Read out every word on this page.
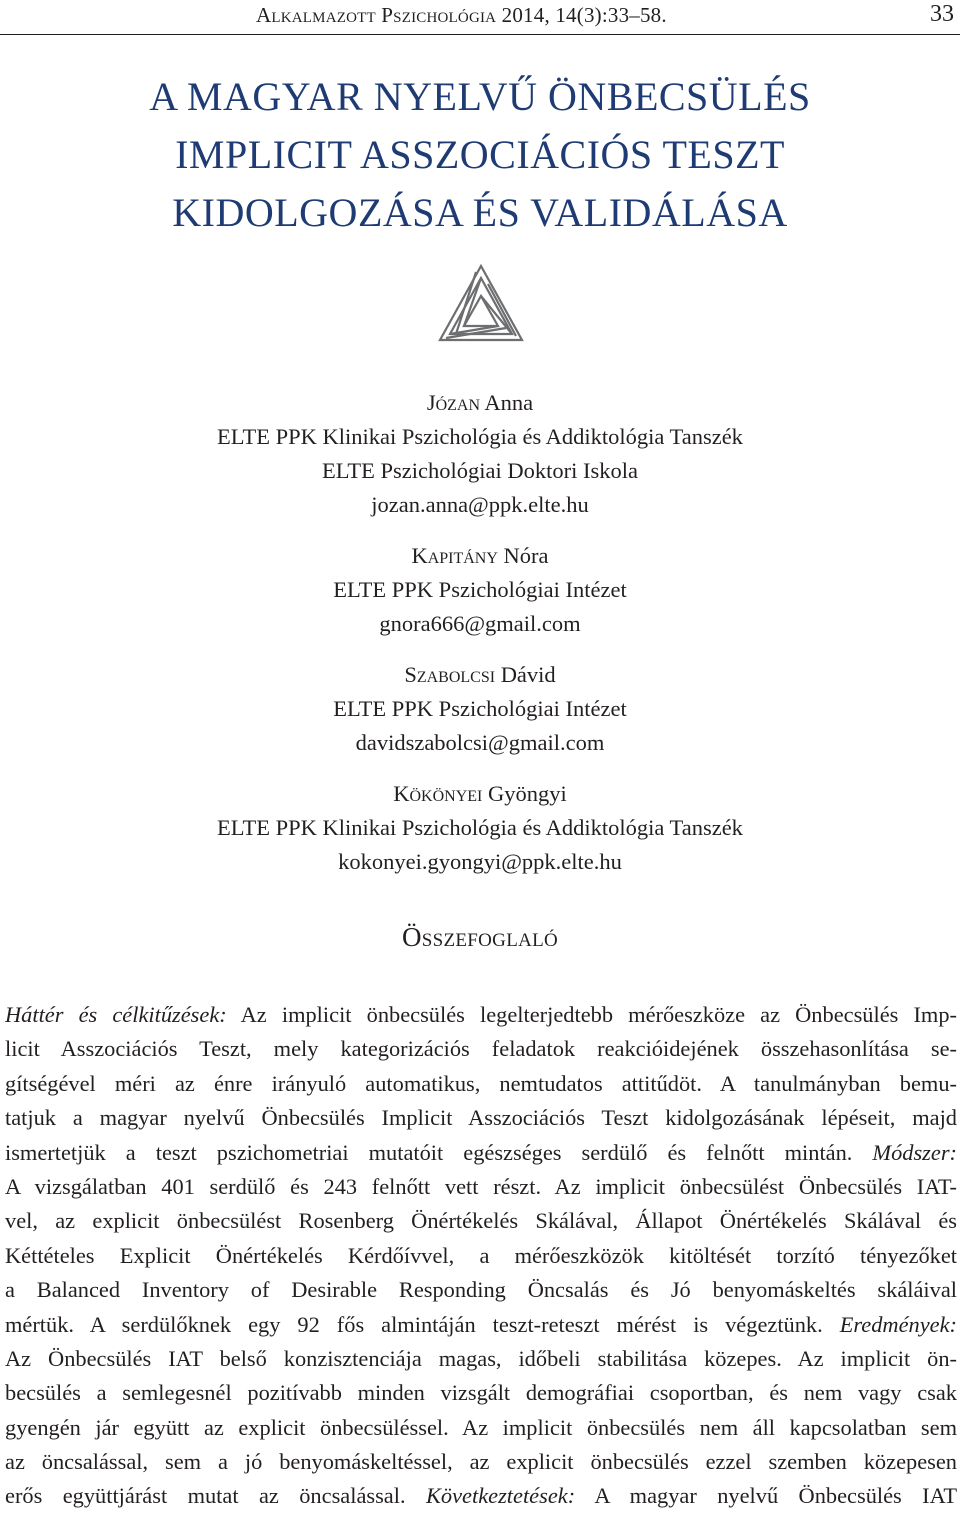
Alkalmazott Pszichológia 2014, 14(3):33–58.	33
A MAGYAR NYELVŰ ÖNBECSÜLÉS
IMPLICIT ASSZOCIÁCIÓS TESZT
KIDOLGOZÁSA ÉS VALIDÁLÁSA
Józan Anna
ELTE PPK Klinikai Pszichológia és Addiktológia Tanszék
ELTE Pszichológiai Doktori Iskola
jozan.anna@ppk.elte.hu
Kapitány Nóra
ELTE PPK Pszichológiai Intézet
gnora666@gmail.com
Szabolcsi Dávid
ELTE PPK Pszichológiai Intézet
davidszabolcsi@gmail.com
Kökönyei Gyöngyi
ELTE PPK Klinikai Pszichológia és Addiktológia Tanszék
kokonyei.gyongyi@ppk.elte.hu
Összefoglaló
Háttér és célkitűzések: Az implicit önbecsülés legelterjedtebb mérőeszköze az Önbecsülés Imp-
licit Asszociációs Teszt, mely kategorizációs feladatok reakcióidejének összehasonlítása se-
gítségével méri az énre irányuló automatikus, nemtudatos attitűdöt. A tanulmányban bemu-
tatjuk a magyar nyelvű Önbecsülés Implicit Asszociációs Teszt kidolgozásának lépéseit, majd
ismertetjük a teszt pszichometriai mutatóit egészséges serdülő és felnőtt mintán. Módszer:
A vizsgálatban 401 serdülő és 243 felnőtt vett részt. Az implicit önbecsülést Önbecsülés IAT-
vel, az explicit önbecsülést Rosenberg Önértékelés Skálával, Állapot Önértékelés Skálával és
Kéttételes Explicit Önértékelés Kérdőívvel, a mérőeszközök kitöltését torzító tényezőket
a Balanced Inventory of Desirable Responding Öncsalás és Jó benyomáskeltés skáláival
mértük. A serdülőknek egy 92 fős almintáján teszt-reteszt mérést is végeztünk. Eredmények:
Az Önbecsülés IAT belső konzisztenciája magas, időbeli stabilitása közepes. Az implicit ön-
becsülés a semlegesnél pozitívabb minden vizsgált demográfiai csoportban, és nem vagy csak
gyengén jár együtt az explicit önbecsüléssel. Az implicit önbecsülés nem áll kapcsolatban sem
az öncsalással, sem a jó benyomáskeltéssel, az explicit önbecsülés ezzel szemben közepesen
erős együttjárást mutat az öncsalással. Következtetések: A magyar nyelvű Önbecsülés IAT
